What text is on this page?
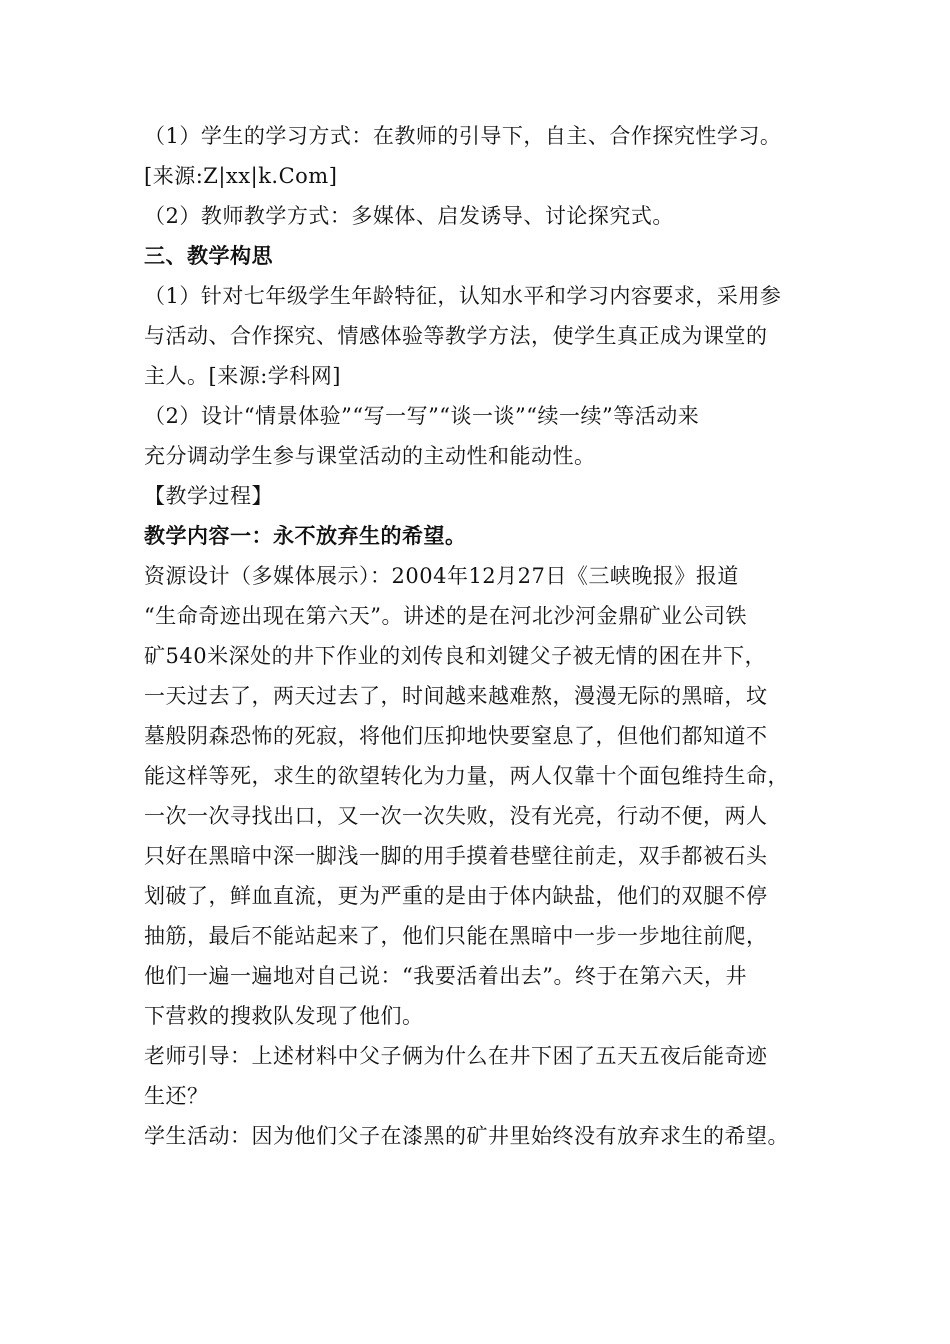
（1）学生的学习方式：在教师的引导下，自主、合作探究性学习。
[来源:Z|xx|k.Com]
（2）教师教学方式：多媒体、启发诱导、讨论探究式。
三、教学构思
（1）针对七年级学生年龄特征，认知水平和学习内容要求，采用参
与活动、合作探究、情感体验等教学方法，使学生真正成为课堂的
主人。[来源:学科网]
（2）设计“情景体验”“写一写”“谈一谈”“续一续”等活动来
充分调动学生参与课堂活动的主动性和能动性。
【教学过程】
教学内容一：永不放弃生的希望。
资源设计（多媒体展示）：2004年12月27日《三峡晚报》报道
“生命奇迹出现在第六天”。讲述的是在河北沙河金鼎矿业公司铁
矿540米深处的井下作业的刘传良和刘键父子被无情的困在井下，
一天过去了，两天过去了，时间越来越难熬，漫漫无际的黑暗，坟
墓般阴森恐怖的死寂，将他们压抑地快要窒息了，但他们都知道不
能这样等死，求生的欲望转化为力量，两人仅靠十个面包维持生命，
一次一次寻找出口，又一次一次失败，没有光亮，行动不便，两人
只好在黑暗中深一脚浅一脚的用手摸着巷壁往前走，双手都被石头
划破了，鲜血直流，更为严重的是由于体内缺盐，他们的双腿不停
抽筋，最后不能站起来了，他们只能在黑暗中一步一步地往前爬，
他们一遍一遍地对自己说：“我要活着出去”。终于在第六天，井
下营救的搜救队发现了他们。
老师引导：上述材料中父子俩为什么在井下困了五天五夜后能奇迹
生还？
学生活动：因为他们父子在漆黑的矿井里始终没有放弃求生的希望。
